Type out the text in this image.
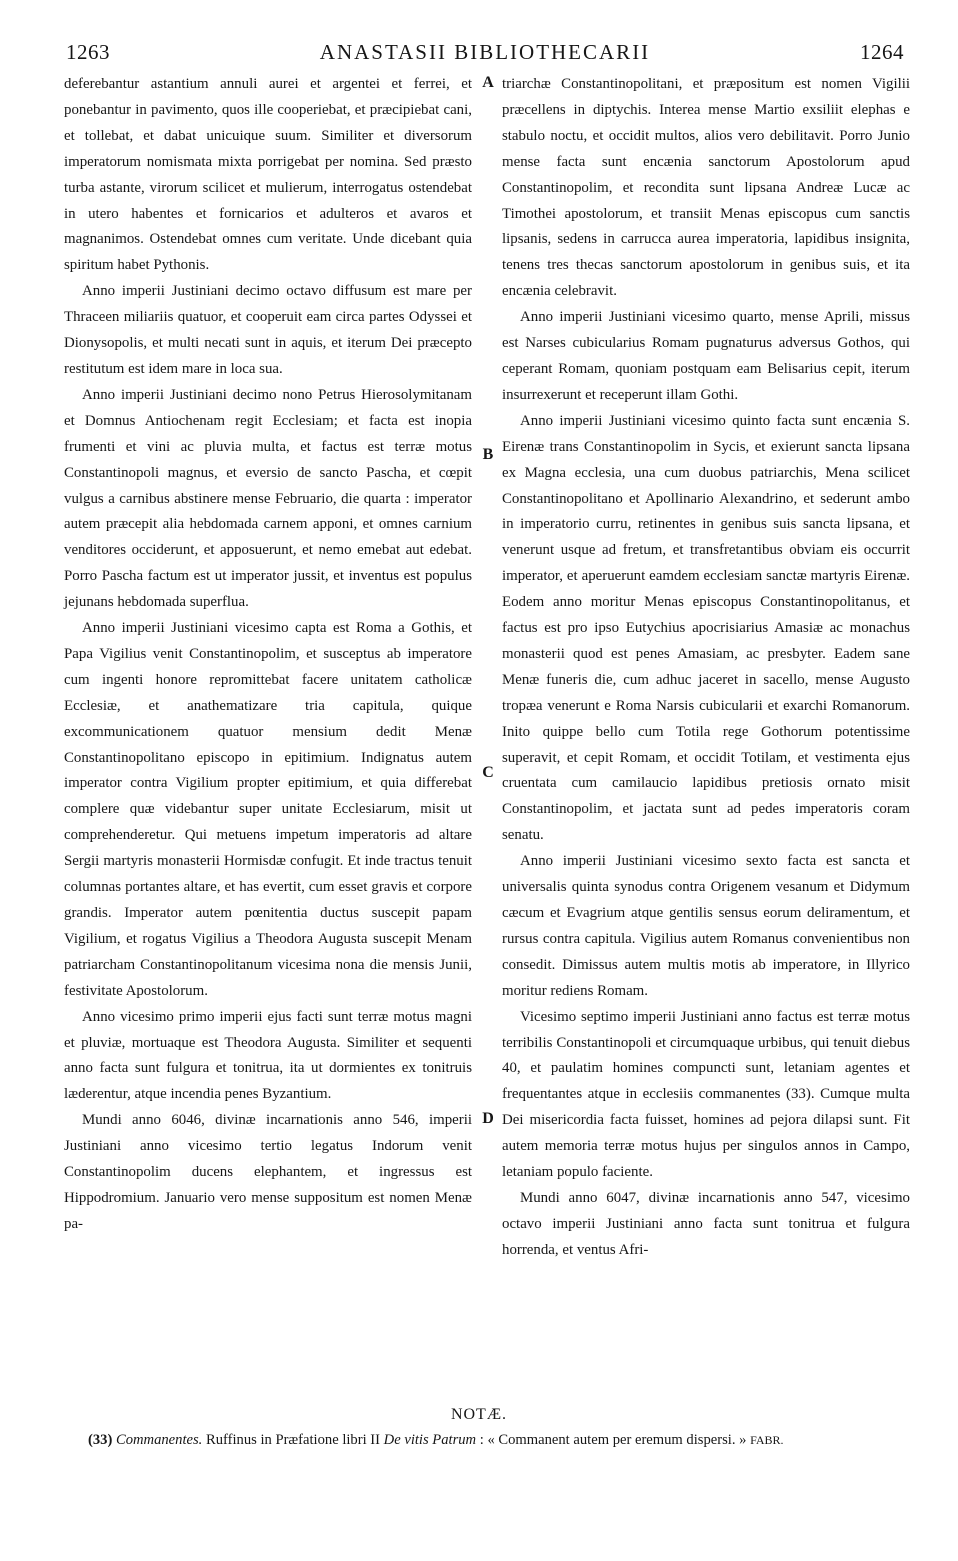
1263	ANASTASII BIBLIOTHECARII	1264

deferebantur astantium annuli aurei et argentei et ferrei, et ponebantur in pavimento, quos ille cooperiebat, et præcipiebat cani, et tollebat, et dabat unicuique suum. Similiter et diversorum imperatorum nomismata mixta porrigebat per nomina. Sed præsto turba astante, virorum scilicet et mulierum, interrogatus ostendebat in utero habentes et fornicarios et adulteros et avaros et magnanimos. Ostendebat omnes cum veritate. Unde dicebant quia spiritum habet Pythonis.

Anno imperii Justiniani decimo octavo diffusum est mare per Thraceen miliariis quatuor, et cooperuit eam circa partes Odyssei et Dionysopolis, et multi necati sunt in aquis, et iterum Dei præcepto restitutum est idem mare in loca sua.

Anno imperii Justiniani decimo nono Petrus Hierosolymitanam et Domnus Antiochenam regit Ecclesiam; et facta est inopia frumenti et vini ac pluvia multa, et factus est terræ motus Constantinopoli magnus, et eversio de sancto Pascha, et cœpit vulgus a carnibus abstinere mense Februario, die quarta : imperator autem præcepit alia hebdomada carnem apponi, et omnes carnium venditores occiderunt, et apposuerunt, et nemo emebat aut edebat. Porro Pascha factum est ut imperator jussit, et inventus est populus jejunans hebdomada superflua.

Anno imperii Justiniani vicesimo capta est Roma a Gothis, et Papa Vigilius venit Constantinopolim, et susceptus ab imperatore cum ingenti honore repromittebat facere unitatem catholicæ Ecclesiæ, et anathematizare tria capitula, quique excommunicationem quatuor mensium dedit Menæ Constantinopolitano episcopo in epitimium. Indignatus autem imperator contra Vigilium propter epitimium, et quia differebat complere quæ videbantur super unitate Ecclesiarum, misit ut comprehenderetur. Qui metuens impetum imperatoris ad altare Sergii martyris monasterii Hormisdæ confugit. Et inde tractus tenuit columnas portantes altare, et has evertit, cum esset gravis et corpore grandis. Imperator autem pœnitentia ductus suscepit papam Vigilium, et rogatus Vigilius a Theodora Augusta suscepit Menam patriarcham Constantinopolitanum vicesima nona die mensis Junii, festivitate Apostolorum.

Anno vicesimo primo imperii ejus facti sunt terræ motus magni et pluviæ, mortuaque est Theodora Augusta. Similiter et sequenti anno facta sunt fulgura et tonitrua, ita ut dormientes ex tonitruis læderentur, atque incendia penes Byzantium.

Mundi anno 6046, divinæ incarnationis anno 546, imperii Justiniani anno vicesimo tertio legatus Indorum venit Constantinopolim ducens elephantem, et ingressus est Hippodromium. Januario vero mense suppositum est nomen Menæ pa-

A
B
C
D

triarchæ Constantinopolitani, et præpositum est nomen Vigilii præcellens in diptychis. Interea mense Martio exsiliit elephas e stabulo noctu, et occidit multos, alios vero debilitavit. Porro Junio mense facta sunt encænia sanctorum Apostolorum apud Constantinopolim, et recondita sunt lipsana Andreæ Lucæ ac Timothei apostolorum, et transiit Menas episcopus cum sanctis lipsanis, sedens in carrucca aurea imperatoria, lapidibus insignita, tenens tres thecas sanctorum apostolorum in genibus suis, et ita encænia celebravit.

Anno imperii Justiniani vicesimo quarto, mense Aprili, missus est Narses cubicularius Romam pugnaturus adversus Gothos, qui ceperant Romam, quoniam postquam eam Belisarius cepit, iterum insurrexerunt et receperunt illam Gothi.

Anno imperii Justiniani vicesimo quinto facta sunt encænia S. Eirenæ trans Constantinopolim in Sycis, et exierunt sancta lipsana ex Magna ecclesia, una cum duobus patriarchis, Mena scilicet Constantinopolitano et Apollinario Alexandrino, et sederunt ambo in imperatorio curru, retinentes in genibus suis sancta lipsana, et venerunt usque ad fretum, et transfretantibus obviam eis occurrit imperator, et aperuerunt eamdem ecclesiam sanctæ martyris Eirenæ. Eodem anno moritur Menas episcopus Constantinopolitanus, et factus est pro ipso Eutychius apocrisiarius Amasiæ ac monachus monasterii quod est penes Amasiam, ac presbyter. Eadem sane Menæ funeris die, cum adhuc jaceret in sacello, mense Augusto tropæa venerunt e Roma Narsis cubicularii et exarchi Romanorum. Inito quippe bello cum Totila rege Gothorum potentissime superavit, et cepit Romam, et occidit Totilam, et vestimenta ejus cruentata cum camilaucio lapidibus pretiosis ornato misit Constantinopolim, et jactata sunt ad pedes imperatoris coram senatu.

Anno imperii Justiniani vicesimo sexto facta est sancta et universalis quinta synodus contra Origenem vesanum et Didymum cæcum et Evagrium atque gentilis sensus eorum deliramentum, et rursus contra capitula. Vigilius autem Romanus convenientibus non consedit. Dimissus autem multis motis ab imperatore, in Illyrico moritur rediens Romam.

Vicesimo septimo imperii Justiniani anno factus est terræ motus terribilis Constantinopoli et circumquaque urbibus, qui tenuit diebus 40, et paulatim homines compuncti sunt, letaniam agentes et frequentantes atque in ecclesiis commanentes (33). Cumque multa Dei misericordia facta fuisset, homines ad pejora dilapsi sunt. Fit autem memoria terræ motus hujus per singulos annos in Campo, letaniam populo faciente.

Mundi anno 6047, divinæ incarnationis anno 547, vicesimo octavo imperii Justiniani anno facta sunt tonitrua et fulgura horrenda, et ventus Afri-

NOTÆ.
(33) Commanentes. Ruffinus in Præfatione libri II De vitis Patrum : « Commanent autem per eremum dispersi. » FABR.
